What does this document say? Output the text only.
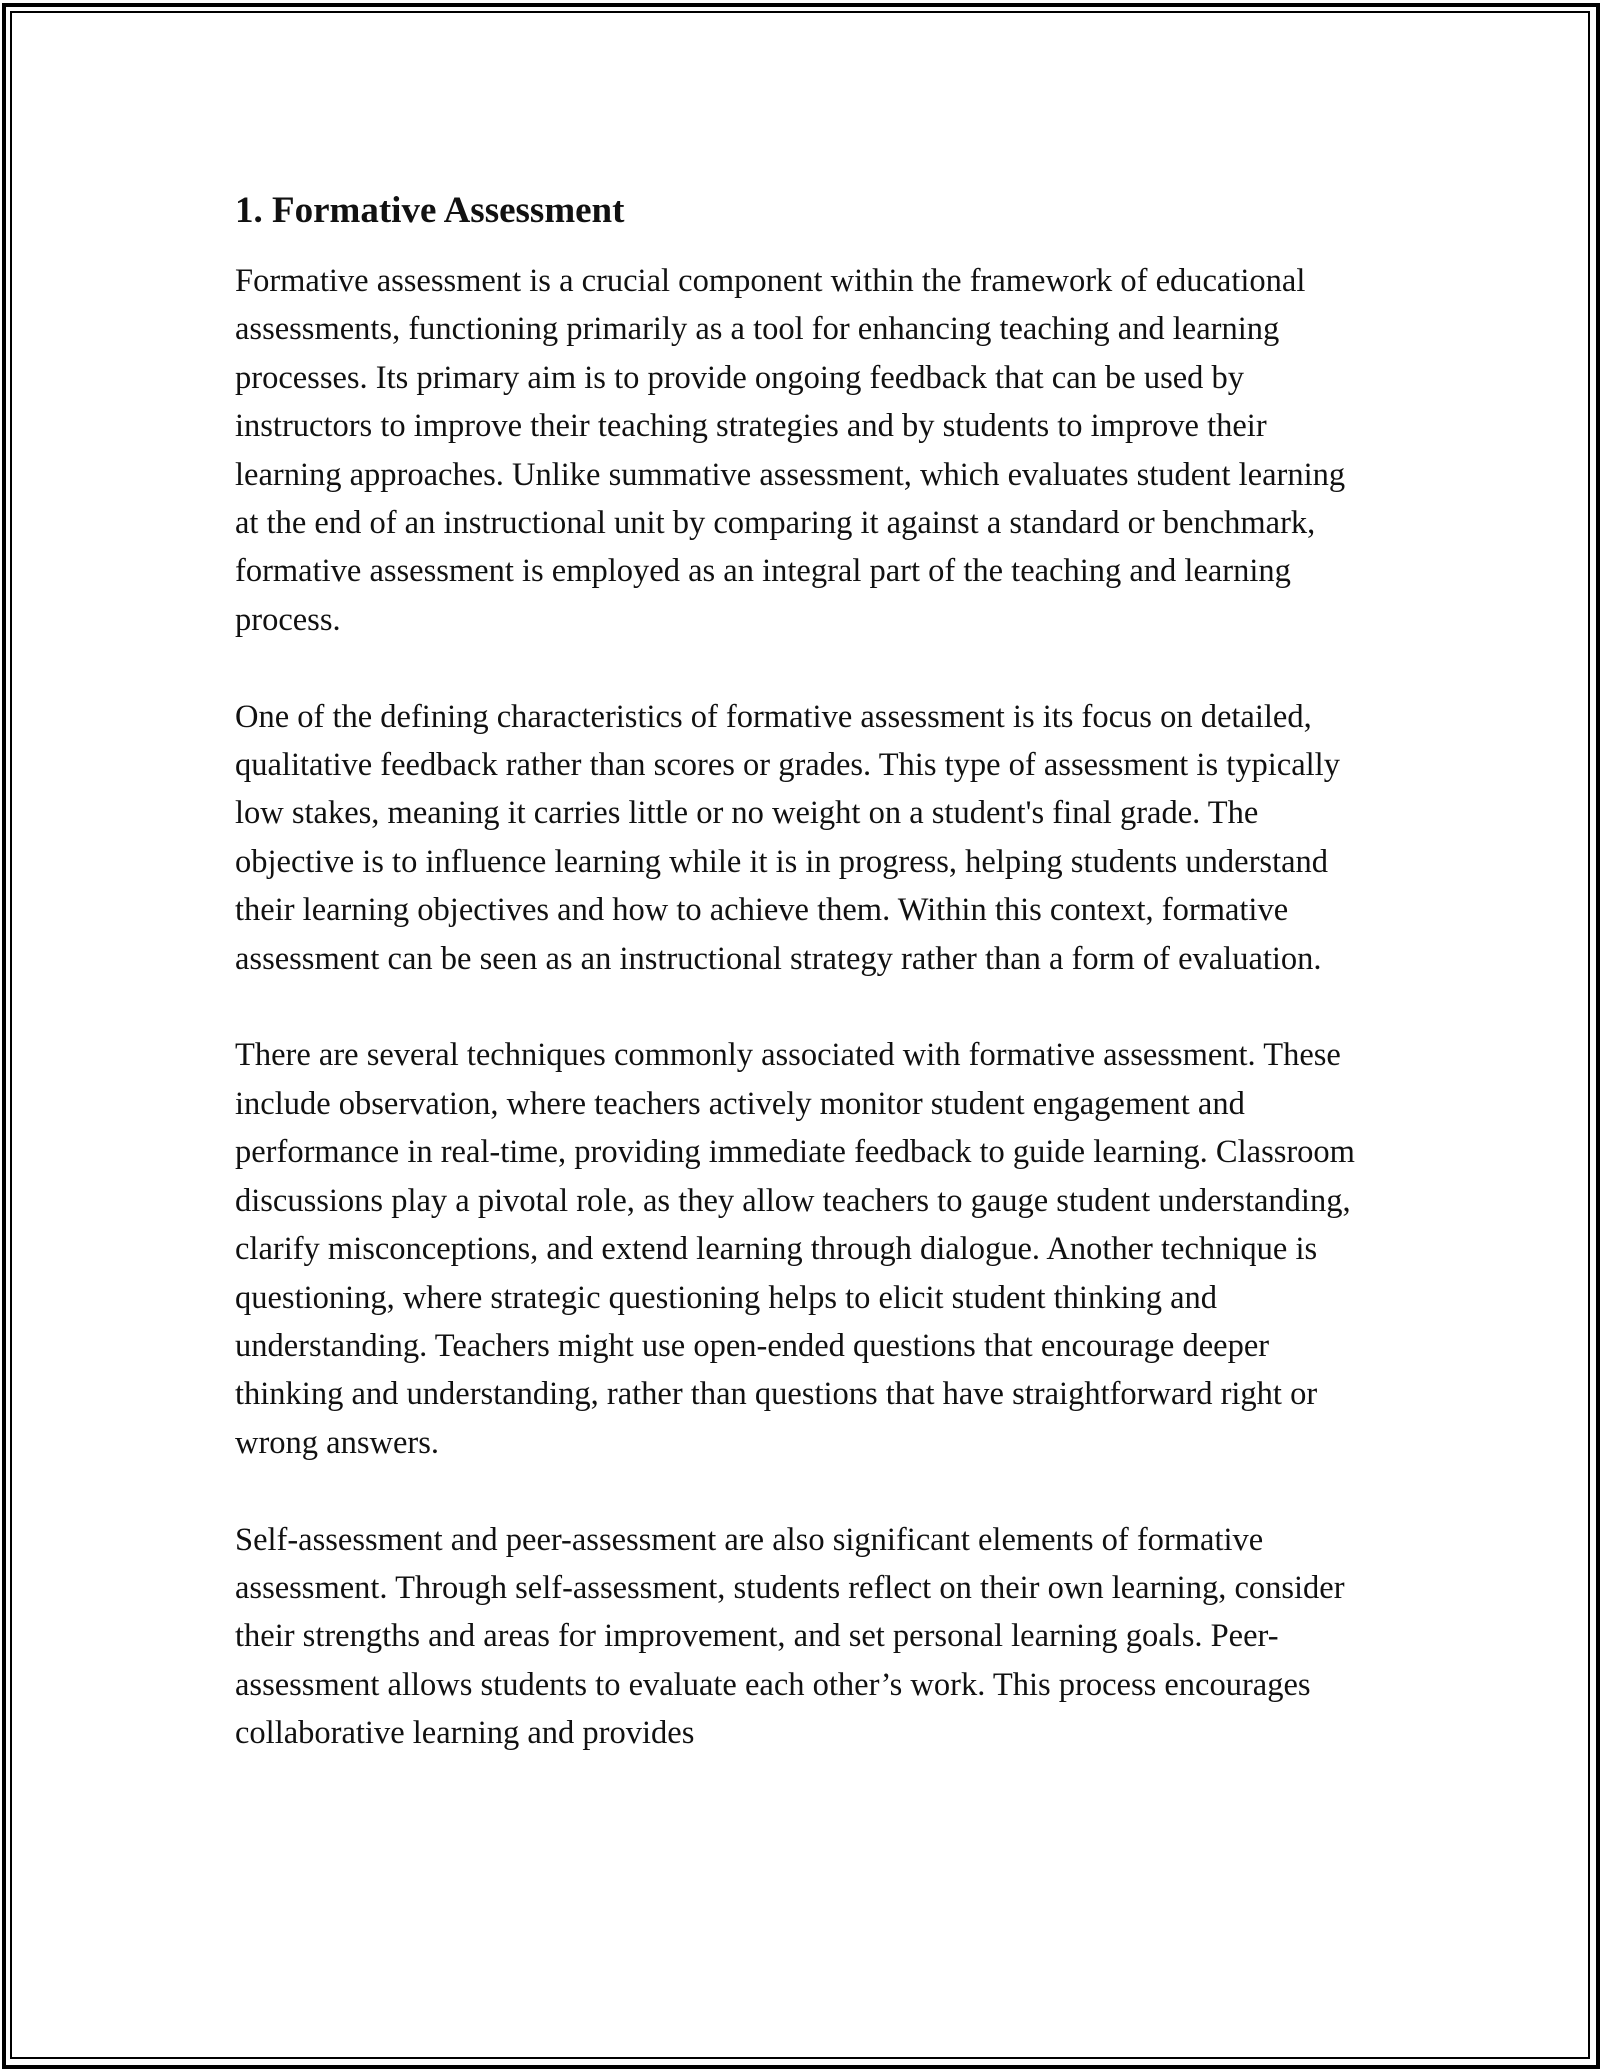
1. Formative Assessment

Formative assessment is a crucial component within the framework of educational assessments, functioning primarily as a tool for enhancing teaching and learning processes. Its primary aim is to provide ongoing feedback that can be used by instructors to improve their teaching strategies and by students to improve their learning approaches. Unlike summative assessment, which evaluates student learning at the end of an instructional unit by comparing it against a standard or benchmark, formative assessment is employed as an integral part of the teaching and learning process.

One of the defining characteristics of formative assessment is its focus on detailed, qualitative feedback rather than scores or grades. This type of assessment is typically low stakes, meaning it carries little or no weight on a student's final grade. The objective is to influence learning while it is in progress, helping students understand their learning objectives and how to achieve them. Within this context, formative assessment can be seen as an instructional strategy rather than a form of evaluation.

There are several techniques commonly associated with formative assessment. These include observation, where teachers actively monitor student engagement and performance in real-time, providing immediate feedback to guide learning. Classroom discussions play a pivotal role, as they allow teachers to gauge student understanding, clarify misconceptions, and extend learning through dialogue. Another technique is questioning, where strategic questioning helps to elicit student thinking and understanding. Teachers might use open-ended questions that encourage deeper thinking and understanding, rather than questions that have straightforward right or wrong answers.

Self-assessment and peer-assessment are also significant elements of formative assessment. Through self-assessment, students reflect on their own learning, consider their strengths and areas for improvement, and set personal learning goals. Peer-assessment allows students to evaluate each other’s work. This process encourages collaborative learning and provides
